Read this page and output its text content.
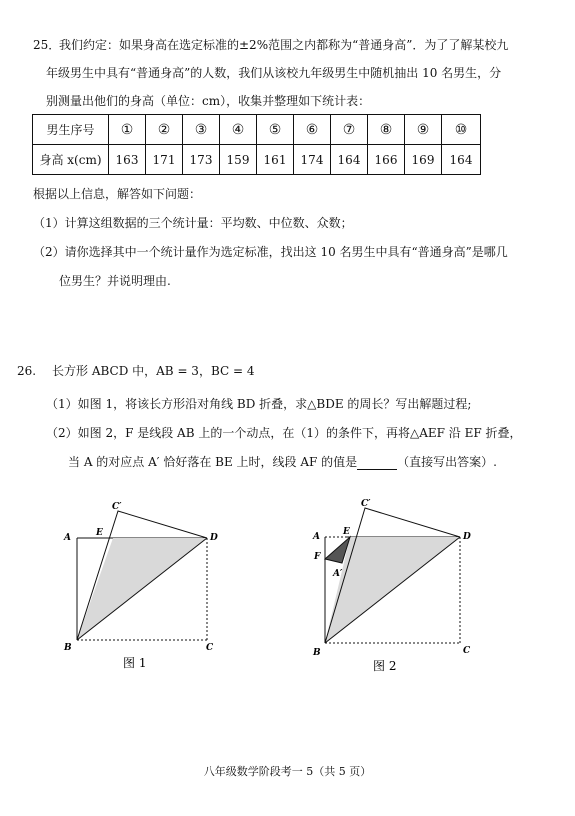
25．
我们约定：如果身高在选定标准的±2%范围之内都称为“普通身高”．为了了解某校九
年级男生中具有“普通身高”的人数，我们从该校九年级男生中随机抽出 10 名男生，分
别测量出他们的身高（单位：cm），收集并整理如下统计表：
男生序号	①	②	③	④	⑤	⑥	⑦	⑧	⑨	⑩
身高 x(cm)	163	171	173	159	161	174	164	166	169	164
根据以上信息，解答如下问题：
（1）计算这组数据的三个统计量：平均数、中位数、众数；
（2）请你选择其中一个统计量作为选定标准，找出这 10 名男生中具有“普通身高”是哪几
位男生？并说明理由.
26. 长方形 ABCD 中，AB = 3，BC = 4
（1）如图 1，将该长方形沿对角线 BD 折叠，求△BDE 的周长？写出解题过程;
（2）如图 2，F 是线段 AB 上的一个动点，在（1）的条件下，再将△AEF 沿 EF 折叠，
当 A 的对应点 A′ 恰好落在 BE 上时，线段 AF 的值是	（直接写出答案）.
A
B	C
D
E
C′
图 1
A
B	C
D
E
F
A′
C′
图 2
八年级数学阶段考一 5（共 5 页）
